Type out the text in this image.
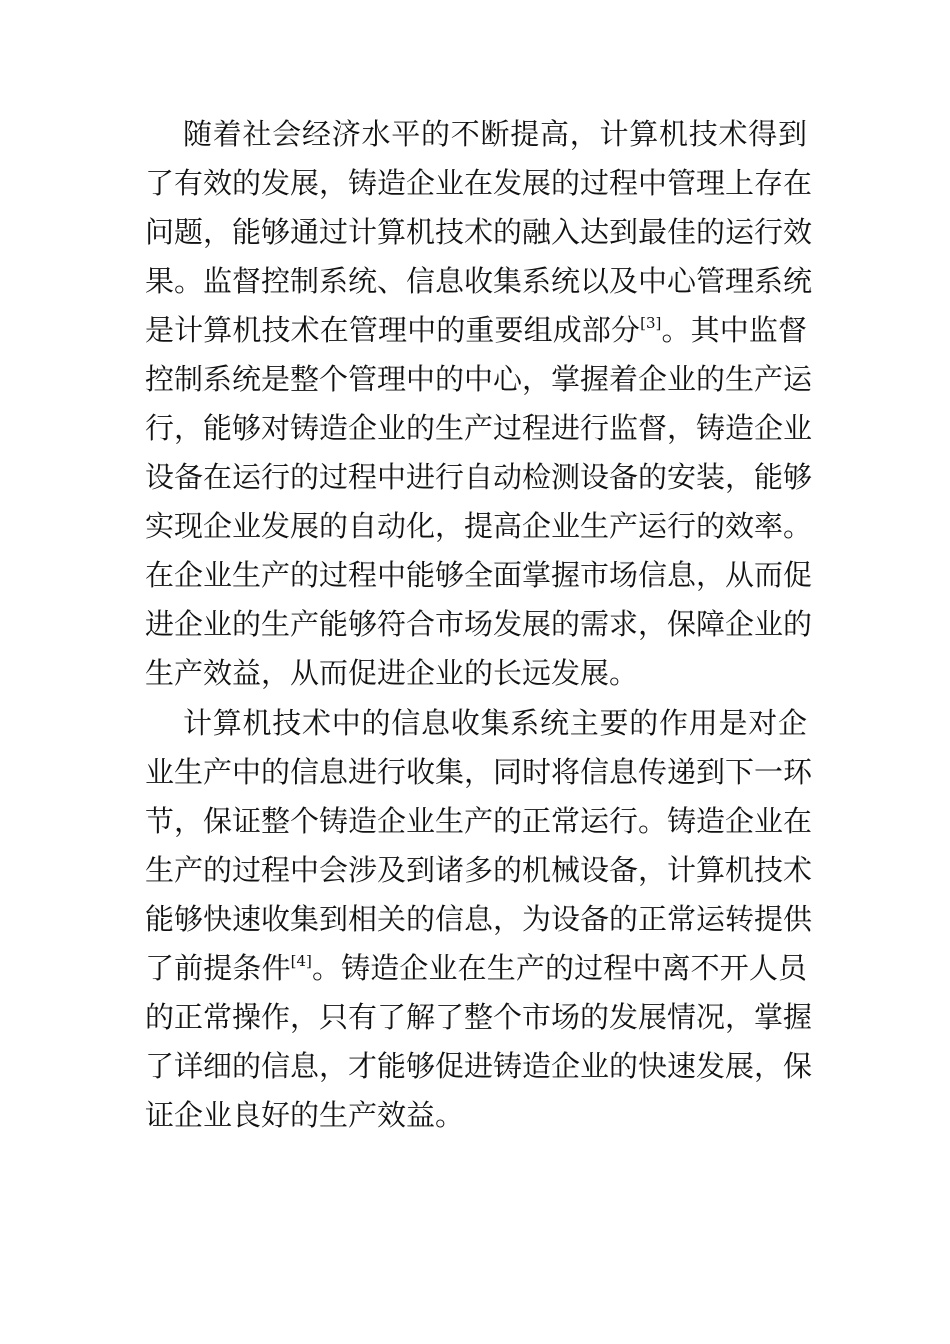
随着社会经济水平的不断提高，计算机技术得到
了有效的发展，铸造企业在发展的过程中管理上存在
问题，能够通过计算机技术的融入达到最佳的运行效
果。监督控制系统、信息收集系统以及中心管理系统
是计算机技术在管理中的重要组成部分[3]。其中监督
控制系统是整个管理中的中心，掌握着企业的生产运
行，能够对铸造企业的生产过程进行监督，铸造企业
设备在运行的过程中进行自动检测设备的安装，能够
实现企业发展的自动化，提高企业生产运行的效率。
在企业生产的过程中能够全面掌握市场信息，从而促
进企业的生产能够符合市场发展的需求，保障企业的
生产效益，从而促进企业的长远发展。
计算机技术中的信息收集系统主要的作用是对企
业生产中的信息进行收集，同时将信息传递到下一环
节，保证整个铸造企业生产的正常运行。铸造企业在
生产的过程中会涉及到诸多的机械设备，计算机技术
能够快速收集到相关的信息，为设备的正常运转提供
了前提条件[4]。铸造企业在生产的过程中离不开人员
的正常操作，只有了解了整个市场的发展情况，掌握
了详细的信息，才能够促进铸造企业的快速发展，保
证企业良好的生产效益。
